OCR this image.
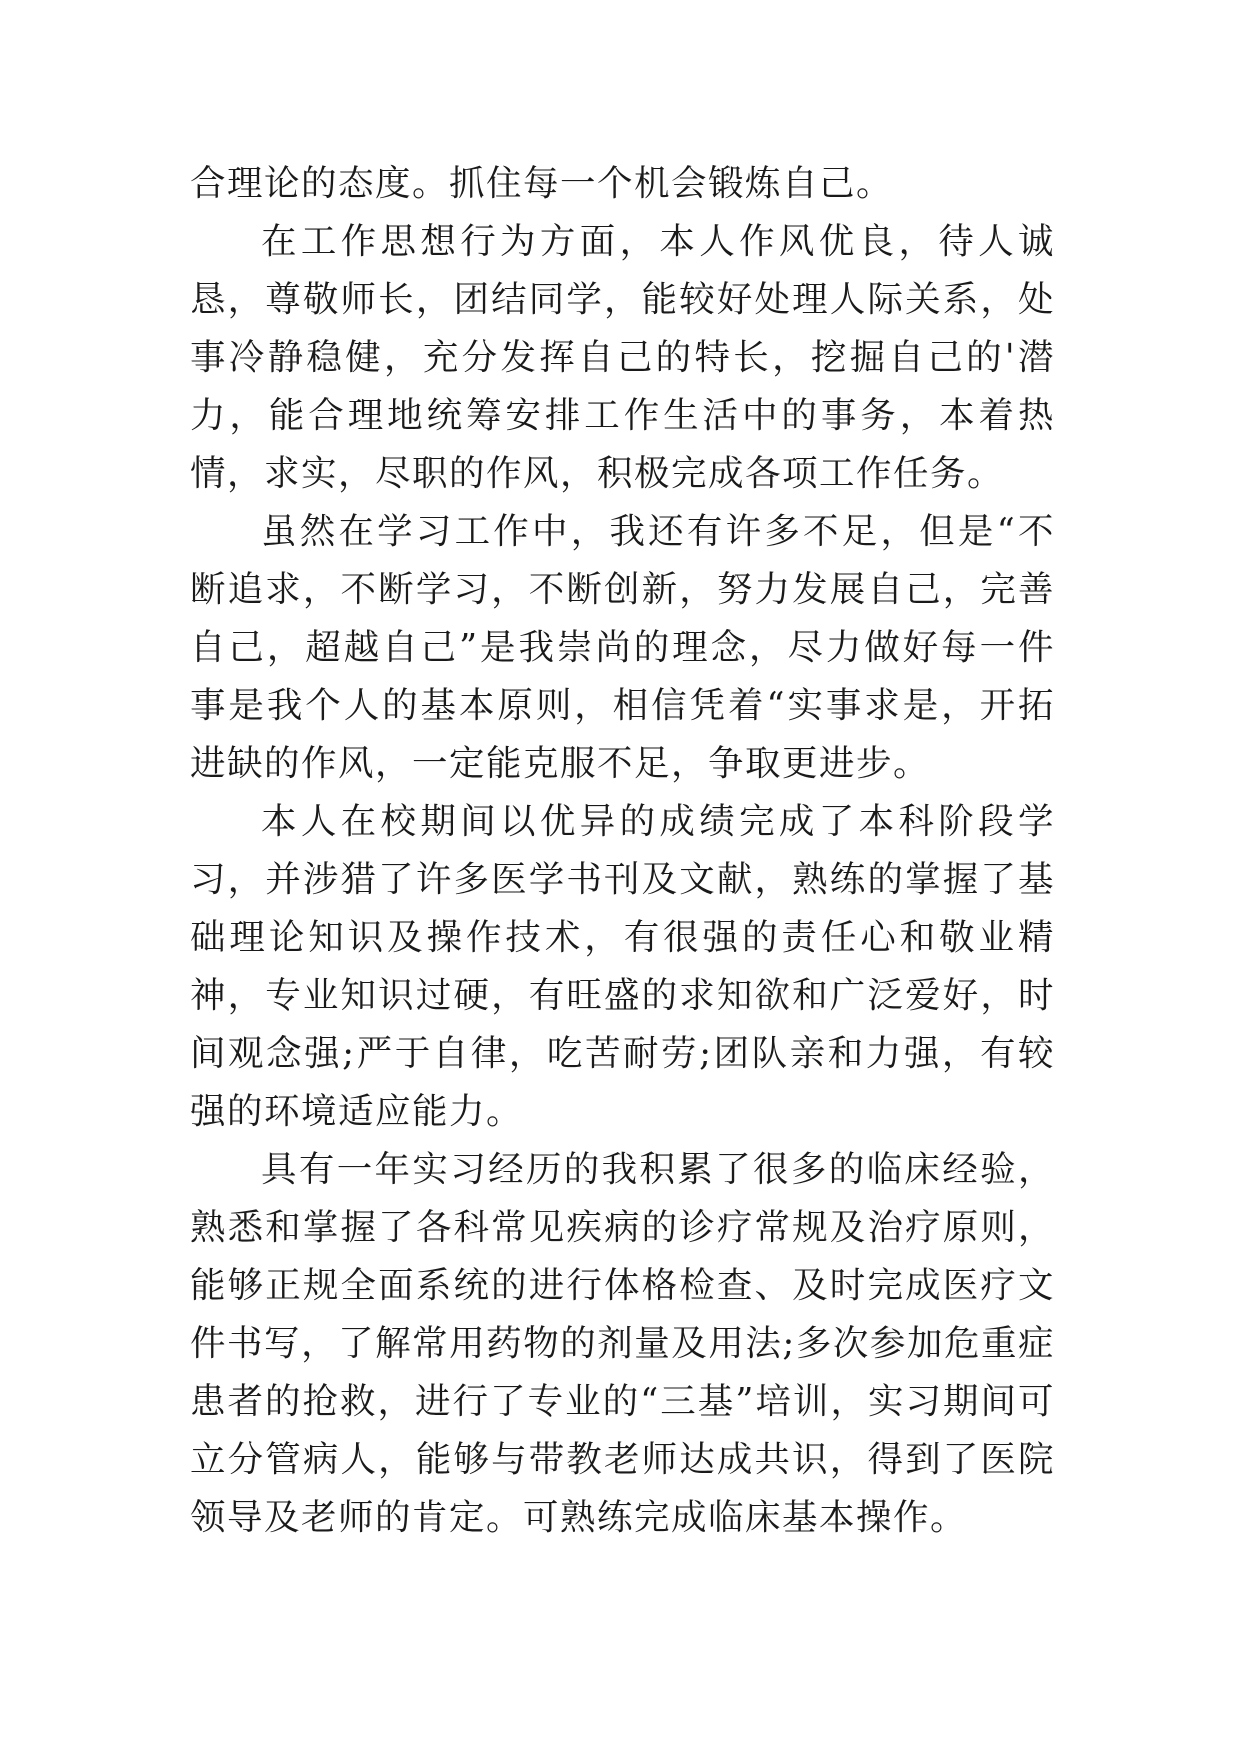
合理论的态度。抓住每一个机会锻炼自己。

在工作思想行为方面，本人作风优良，待人诚恳，尊敬师长，团结同学，能较好处理人际关系，处事冷静稳健，充分发挥自己的特长，挖掘自己的'潜力，能合理地统筹安排工作生活中的事务，本着热情，求实，尽职的作风，积极完成各项工作任务。

虽然在学习工作中，我还有许多不足，但是“不断追求，不断学习，不断创新，努力发展自己，完善自己，超越自己”是我崇尚的理念，尽力做好每一件事是我个人的基本原则，相信凭着“实事求是，开拓进缺的作风，一定能克服不足，争取更进步。

本人在校期间以优异的成绩完成了本科阶段学习，并涉猎了许多医学书刊及文献，熟练的掌握了基础理论知识及操作技术，有很强的责任心和敬业精神，专业知识过硬，有旺盛的求知欲和广泛爱好，时间观念强;严于自律，吃苦耐劳;团队亲和力强，有较强的环境适应能力。

具有一年实习经历的我积累了很多的临床经验，熟悉和掌握了各科常见疾病的诊疗常规及治疗原则，能够正规全面系统的进行体格检查、及时完成医疗文件书写，了解常用药物的剂量及用法;多次参加危重症患者的抢救，进行了专业的“三基”培训，实习期间可立分管病人，能够与带教老师达成共识，得到了医院领导及老师的肯定。可熟练完成临床基本操作。
